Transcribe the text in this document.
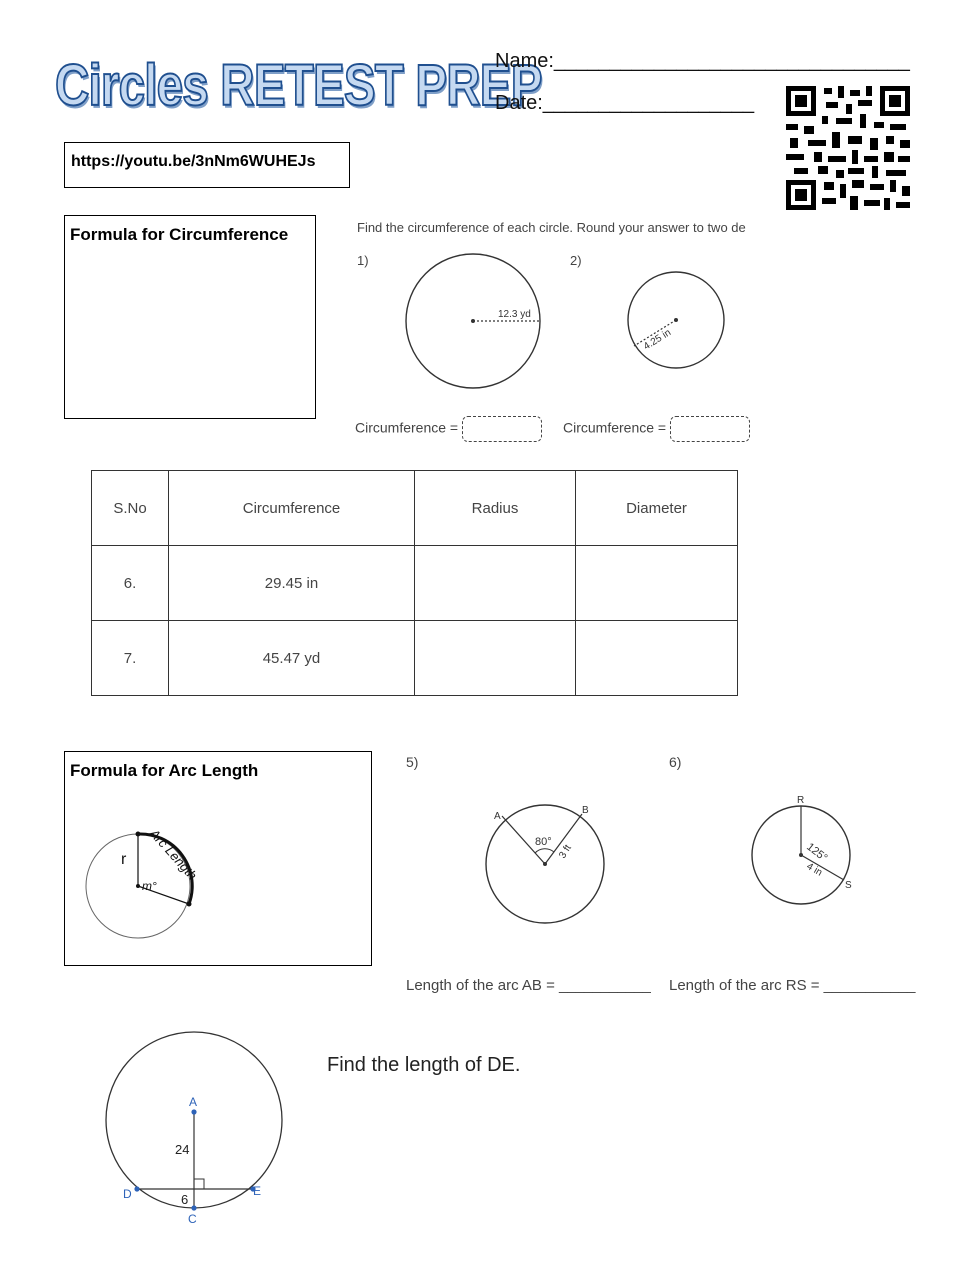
Circles RETEST PREP
Name:________________________________
Date:___________________
https://youtu.be/3nNm6WUHEJs
Formula for Circumference	Find the circumference of each circle. Round your answer to two de
1)	2)
12.3 yd
4.25 in
Circumference =	Circumference =
S.No	Circumference	Radius	Diameter
6.	29.45 in		
7.	45.47 yd		
Formula for Arc Length
r
m°
Arc Length
5)	6)
A
B
80°
3 ft
R
S
125°
4 in
Length of the arc AB = ___________ Length of the arc RS = ___________
A
C
D	E
24
6
Find the length of DE.
